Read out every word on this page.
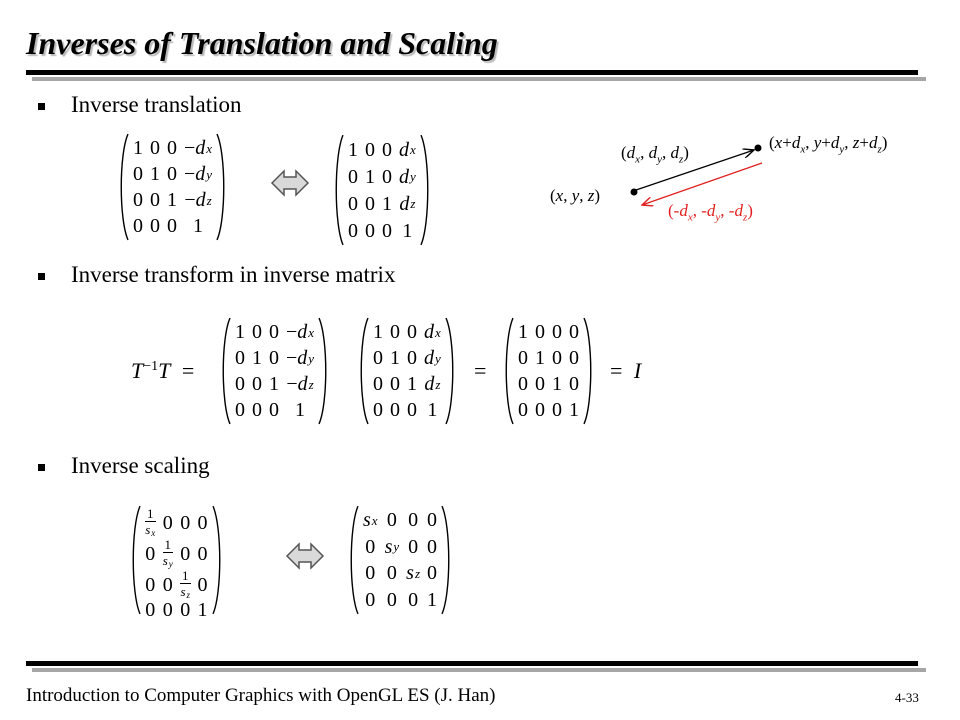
Inverses of Translation and Scaling
Inverse translation
1 0 0 − d x
0 1 0 − d y
0 0 1 − d z
0 0 0 1
1 0 0 d x
0 1 0 d y
0 0 1 d z
0 0 0 1
(x, y, z)
($d_x$, $d_y$, $d_z$)
($x+d_x$, $y+d_y$, $z+d_z$)
($-d_x$, $-d_y$, $-d_z$)
Inverse transform in inverse matrix
$T^{-1}T$ =
1 0 0 − d x
0 1 0 − d y
0 0 1 − d z
0 0 0 1
1 0 0 d x
0 1 0 d y
0 0 1 d z
0 0 0 1
=
1 0 0 0
0 1 0 0
0 0 1 0
0 0 0 1
= I
Inverse scaling
$\frac{1}{s_x} 0$ 0 0
$0 \frac{1}{s_y} 0$ 0
0 $0 \frac{1}{s_z} 0$
0 0 0 1
s x 0 0 0
0 s y 0 0
0 0 s z 0
0 0 0 1
Introduction to Computer Graphics with OpenGL ES (J. Han)	4-33
